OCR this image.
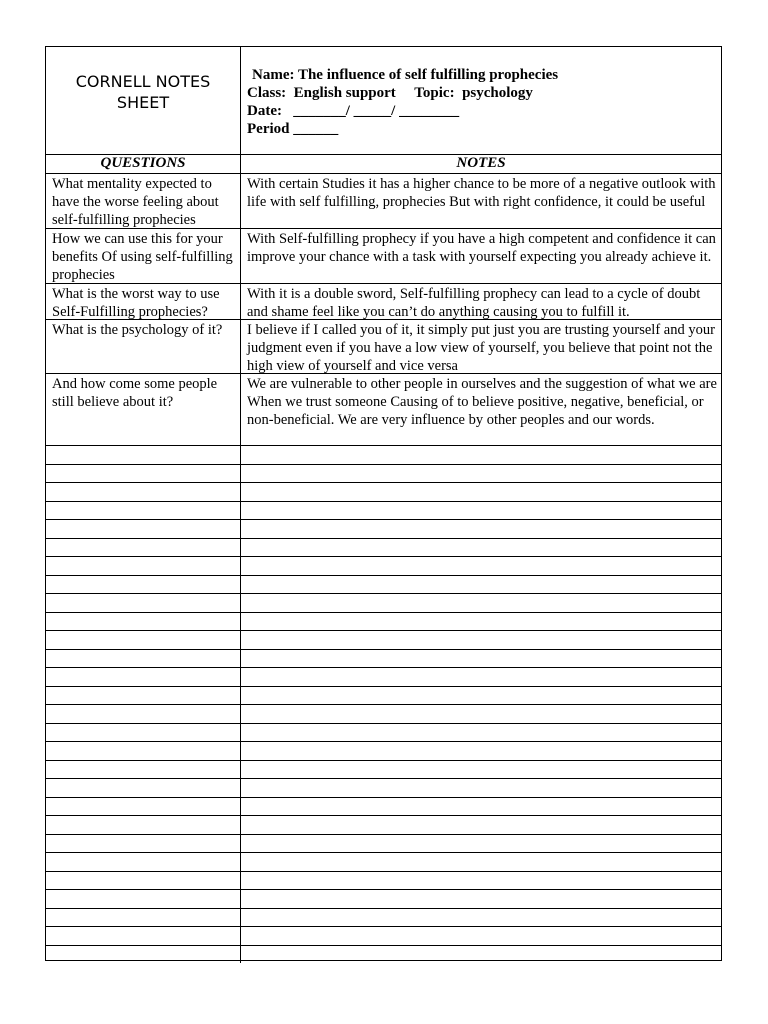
CORNELL NOTES
SHEET
Name: The influence of self fulfilling prophecies
Class:  English support     Topic:  psychology
Date:   _______/ _____/ ________
Period ______
QUESTIONS	NOTES
What mentality expected to have the worse feeling about self-fulfilling prophecies
With certain Studies it has a higher chance to be more of a negative outlook with life with self fulfilling, prophecies But with right confidence, it could be useful
How we can use this for your benefits Of using self-fulfilling prophecies
With Self-fulfilling prophecy if you have a high competent and confidence it can improve your chance with a task with yourself expecting you already achieve it.
What is the worst way to use Self-Fulfilling prophecies?
With it is a double sword, Self-fulfilling prophecy can lead to a cycle of doubt and shame feel like you can’t do anything causing you to fulfill it.
What is the psychology of it?	I believe if I called you of it, it simply put just you are trusting yourself and your judgment even if you have a low view of yourself, you believe that point not the high view of yourself and vice versa
And how come some people still believe about it?
We are vulnerable to other people in ourselves and the suggestion of what we are When we trust someone Causing of to believe positive, negative, beneficial, or non-beneficial. We are very influence by other peoples and our words.
